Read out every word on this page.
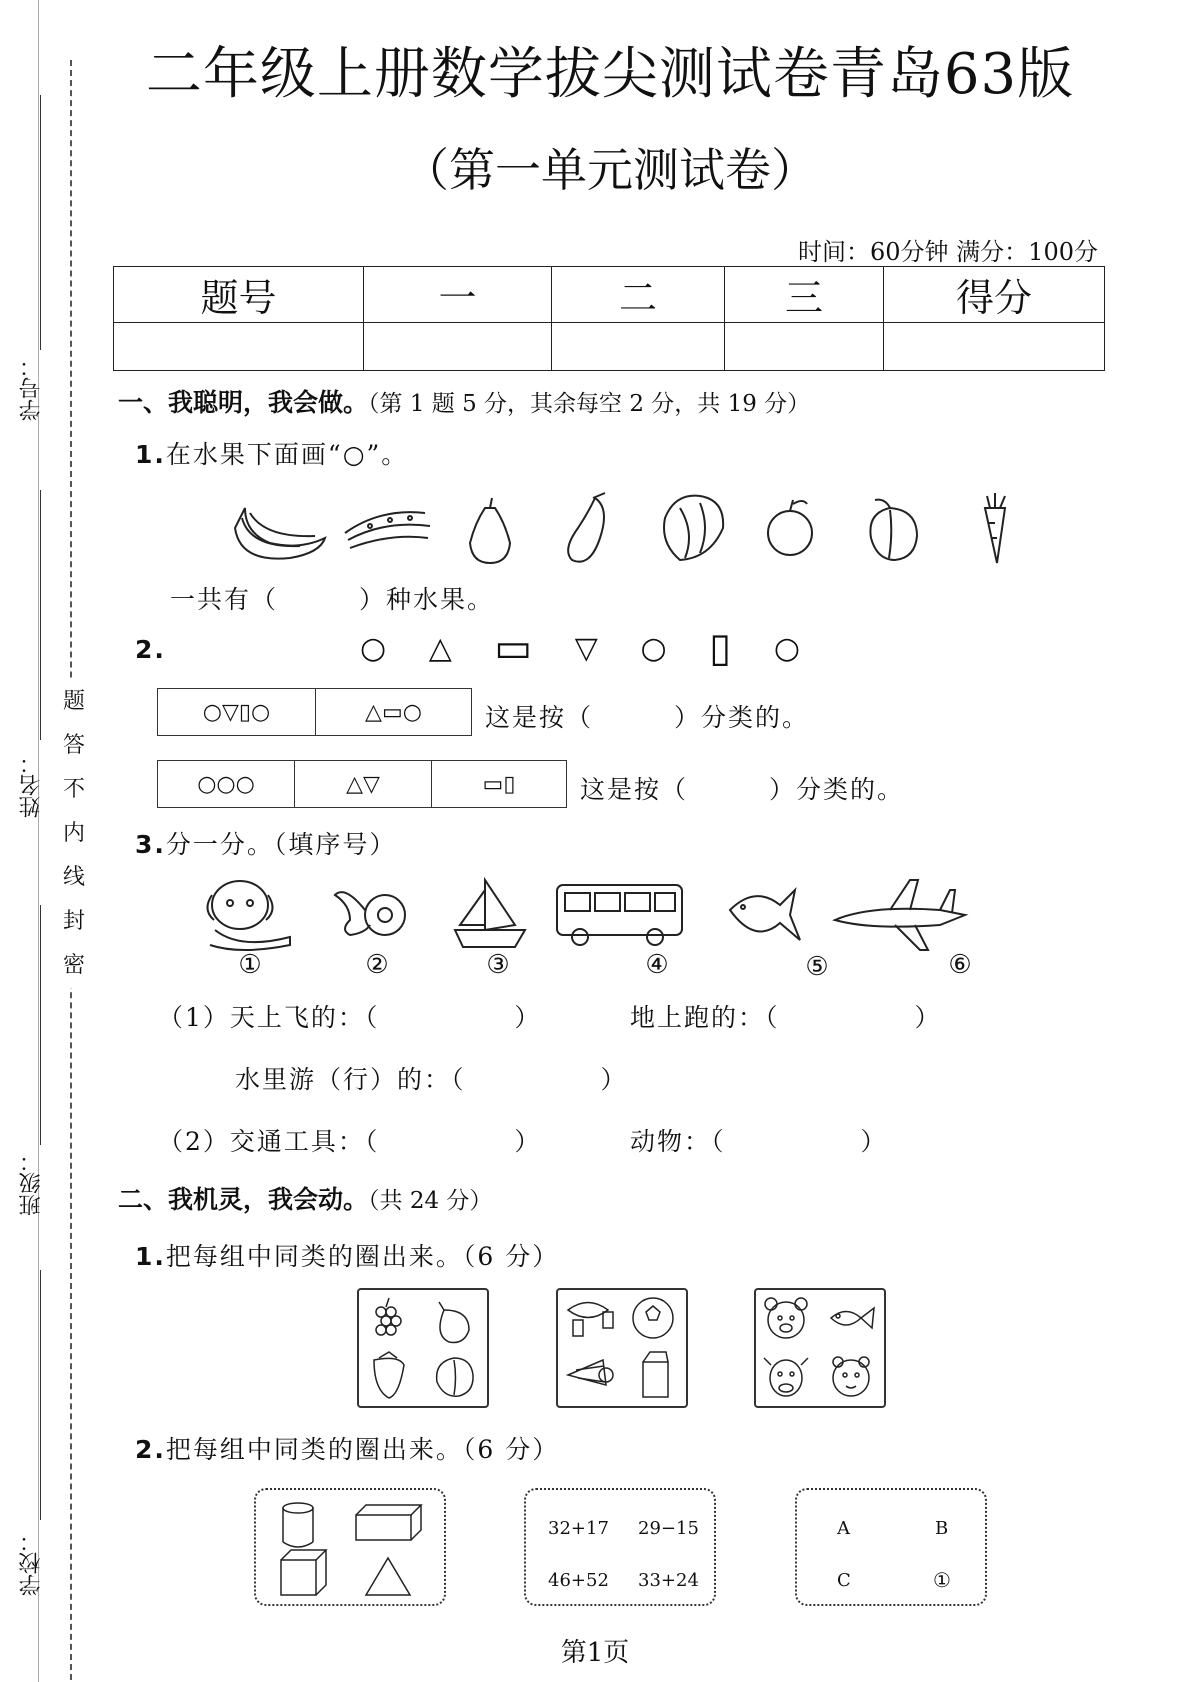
学号：
姓名：
班级：
学校：
题
答
不
内
线
封
密
二年级上册数学拔尖测试卷青岛63版
（第一单元测试卷）
时间：60分钟 满分：100分
题号	一	二	三	得分

一、我聪明，我会做。（第 1 题 5 分，其余每空 2 分，共 19 分）
1.在水果下面画“○”。
一共有（　　　）种水果。
2.	○ △ ▭ ▽ ○ ▯ ○
○▽▯○	△▭○	这是按（　　　）分类的。
○○○	△▽	▭▯	这是按（　　　）分类的。
3.分一分。（填序号）
①	②	③	④	⑤	⑥
（1）天上飞的：（　　　　　）	地上跑的：（　　　　　）
水里游（行）的：（　　　　　）
（2）交通工具：（　　　　　）	动物：（　　　　　）
二、我机灵，我会动。（共 24 分）
1.把每组中同类的圈出来。（6 分）
2.把每组中同类的圈出来。（6 分）
32+17 29−15
46+52 33+24
A	B
C	①
第1页
